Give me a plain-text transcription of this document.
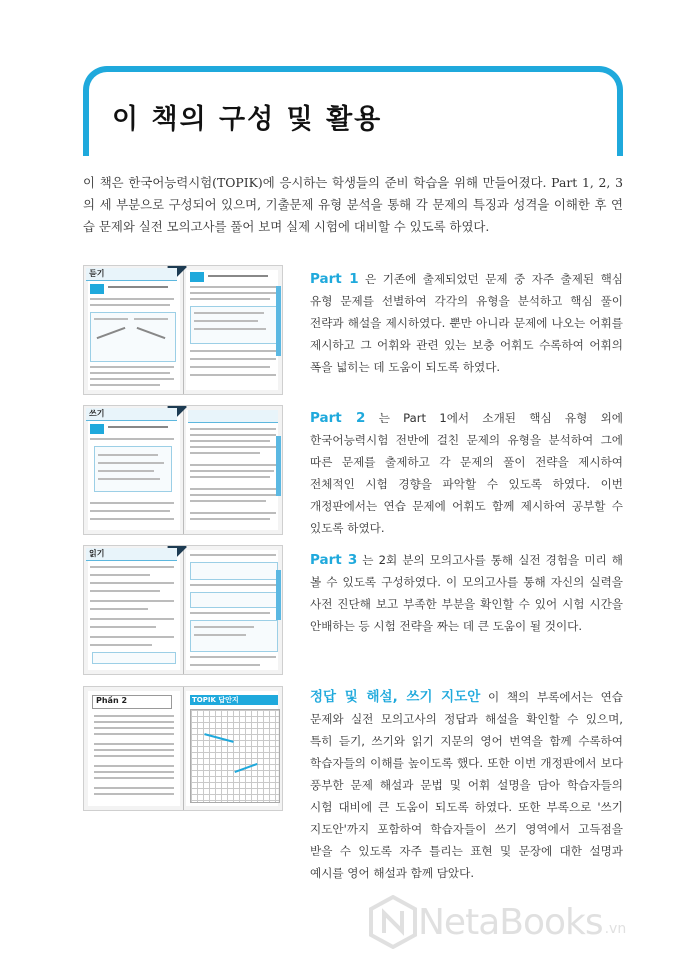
이 책의 구성 및 활용

이 책은 한국어능력시험(TOPIK)에 응시하는 학생들의 준비 학습을 위해 만들어졌다. Part 1, 2, 3의 세 부분으로 구성되어 있으며, 기출문제 유형 분석을 통해 각 문제의 특징과 성격을 이해한 후 연습 문제와 실전 모의고사를 풀어 보며 실제 시험에 대비할 수 있도록 하였다.

듣기	Part 1 은 기존에 출제되었던 문제 중 자주 출제된 핵심 유형 문제를 선별하여 각각의 유형을 분석하고 핵심 풀이 전략과 해설을 제시하였다. 뿐만 아니라 문제에 나오는 어휘를 제시하고 그 어휘와 관련 있는 보충 어휘도 수록하여 어휘의 폭을 넓히는 데 도움이 되도록 하였다.

쓰기	Part 2 는 Part 1에서 소개된 핵심 유형 외에 한국어능력시험 전반에 걸친 문제의 유형을 분석하여 그에 따른 문제를 출제하고 각 문제의 풀이 전략을 제시하여 전체적인 시험 경향을 파악할 수 있도록 하였다. 이번 개정판에서는 연습 문제에 어휘도 함께 제시하여 공부할 수 있도록 하였다.

읽기	Part 3 는 2회 분의 모의고사를 통해 실전 경험을 미리 해 볼 수 있도록 구성하였다. 이 모의고사를 통해 자신의 실력을 사전 진단해 보고 부족한 부분을 확인할 수 있어 시험 시간을 안배하는 등 시험 전략을 짜는 데 큰 도움이 될 것이다.

Phần 2	TOPIK 답안지	정답 및 해설, 쓰기 지도안 이 책의 부록에서는 연습 문제와 실전 모의고사의 정답과 해설을 확인할 수 있으며, 특히 듣기, 쓰기와 읽기 지문의 영어 번역을 함께 수록하여 학습자들의 이해를 높이도록 했다. 또한 이번 개정판에서 보다 풍부한 문제 해설과 문법 및 어휘 설명을 담아 학습자들의 시험 대비에 큰 도움이 되도록 하였다. 또한 부록으로 '쓰기 지도안'까지 포함하여 학습자들이 쓰기 영역에서 고득점을 받을 수 있도록 자주 틀리는 표현 및 문장에 대한 설명과 예시를 영어 해설과 함께 담았다.

NetaBooks .vn
